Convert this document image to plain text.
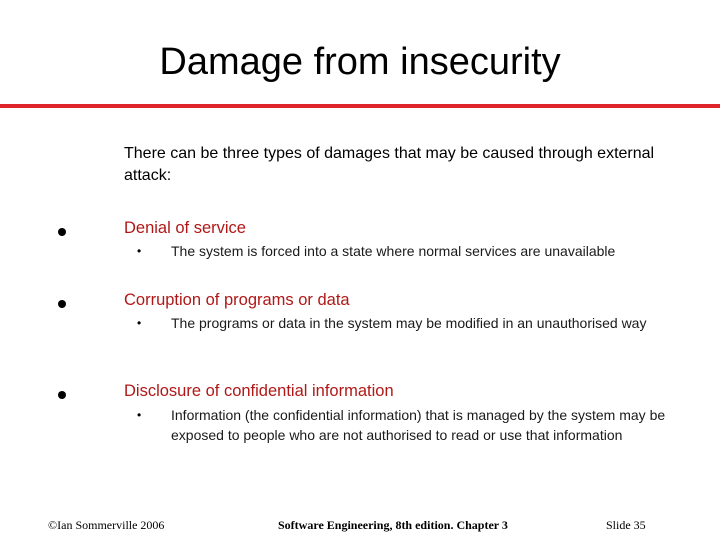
Damage from insecurity
There can be three types of damages that may be caused through external attack:
Denial of service
• The system is forced into a state where normal services are unavailable
Corruption of programs or data
• The programs or data in the system may be modified in an unauthorised way
Disclosure of confidential information
• Information (the confidential information) that is managed by the system may be exposed to people who are not authorised to read or use that information
©Ian Sommerville 2006	Software Engineering, 8th edition. Chapter 3	Slide 35
